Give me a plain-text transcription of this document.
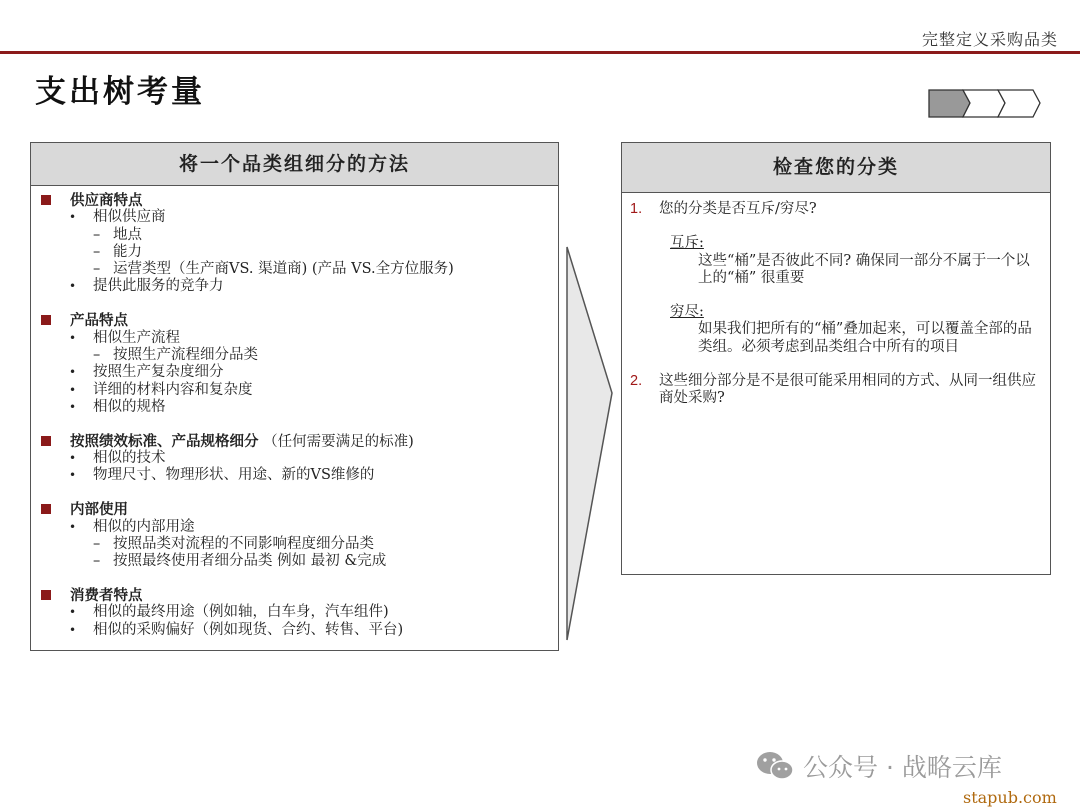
完整定义采购品类
支出树考量
将一个品类组细分的方法
供应商特点
• 相似供应商
– 地点
– 能力
– 运营类型（生产商VS. 渠道商) (产品 VS.全方位服务)
• 提供此服务的竞争力
产品特点
• 相似生产流程
– 按照生产流程细分品类
• 按照生产复杂度细分
• 详细的材料内容和复杂度
• 相似的规格
按照绩效标准、产品规格细分 （任何需要满足的标准)
• 相似的技术
• 物理尺寸、物理形状、用途、新的VS维修的
内部使用
• 相似的内部用途
– 按照品类对流程的不同影响程度细分品类
– 按照最终使用者细分品类 例如 最初 &完成
消费者特点
• 相似的最终用途（例如轴，白车身，汽车组件)
• 相似的采购偏好（例如现货、合约、转售、平台)
检查您的分类
1. 您的分类是否互斥/穷尽?
互斥:
这些“桶”是否彼此不同? 确保同一部分不属于一个以上的“桶” 很重要
穷尽:
如果我们把所有的“桶”叠加起来，可以覆盖全部的品类组。必须考虑到品类组合中所有的项目
2. 这些细分部分是不是很可能采用相同的方式、从同一组供应商处采购?
公众号 · 战略云库
stapub.com
